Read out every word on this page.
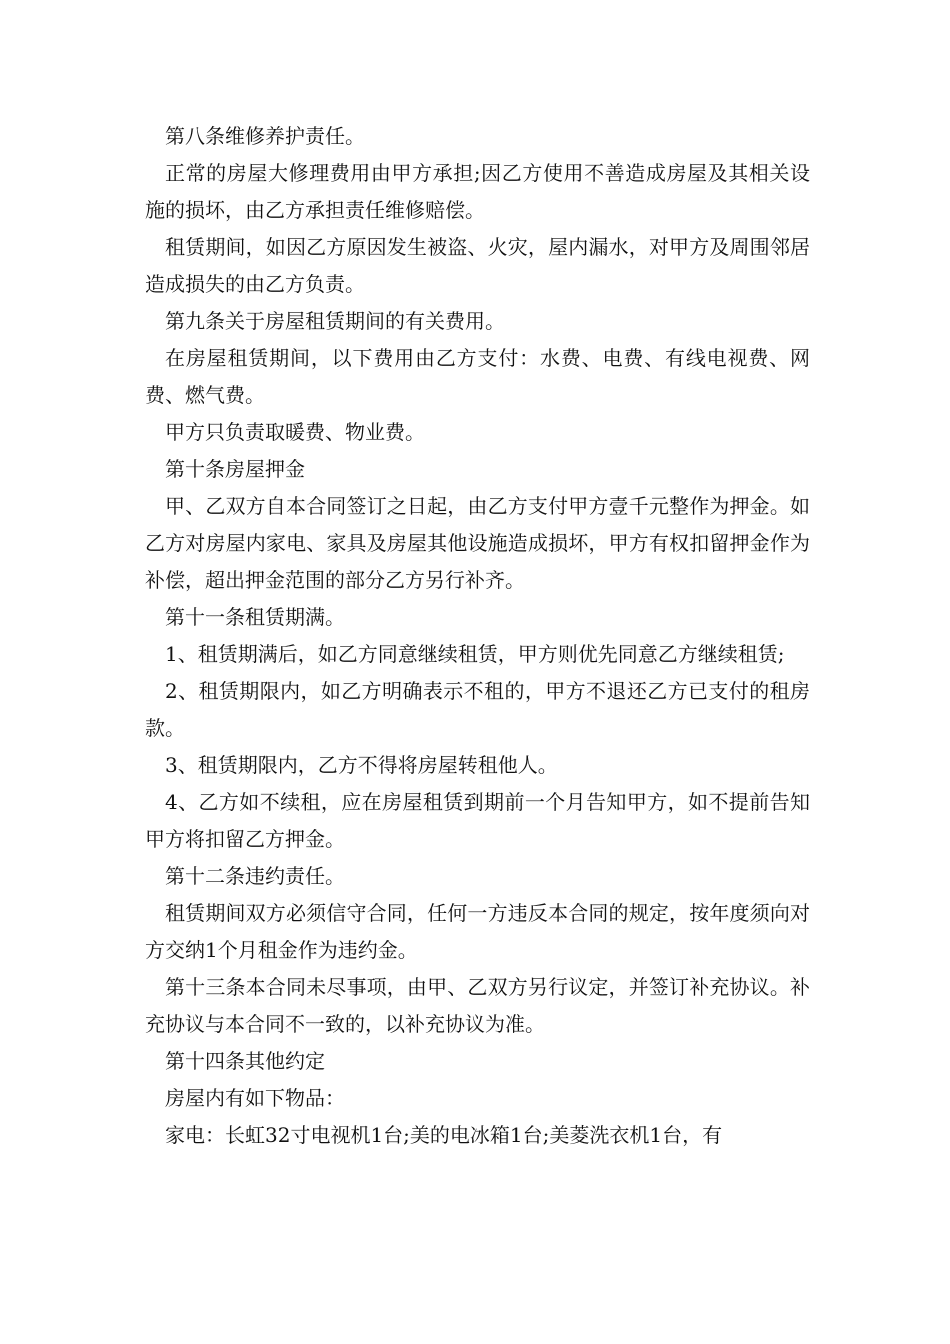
第八条维修养护责任。

正常的房屋大修理费用由甲方承担;因乙方使用不善造成房屋及其相关设施的损坏，由乙方承担责任维修赔偿。

租赁期间，如因乙方原因发生被盗、火灾，屋内漏水，对甲方及周围邻居造成损失的由乙方负责。

第九条关于房屋租赁期间的有关费用。

在房屋租赁期间，以下费用由乙方支付：水费、电费、有线电视费、网费、燃气费。

甲方只负责取暖费、物业费。

第十条房屋押金

甲、乙双方自本合同签订之日起，由乙方支付甲方壹千元整作为押金。如乙方对房屋内家电、家具及房屋其他设施造成损坏，甲方有权扣留押金作为补偿，超出押金范围的部分乙方另行补齐。

第十一条租赁期满。

1、租赁期满后，如乙方同意继续租赁，甲方则优先同意乙方继续租赁;

2、租赁期限内，如乙方明确表示不租的，甲方不退还乙方已支付的租房款。

3、租赁期限内，乙方不得将房屋转租他人。

4、乙方如不续租，应在房屋租赁到期前一个月告知甲方，如不提前告知甲方将扣留乙方押金。

第十二条违约责任。

租赁期间双方必须信守合同，任何一方违反本合同的规定，按年度须向对方交纳1个月租金作为违约金。

第十三条本合同未尽事项，由甲、乙双方另行议定，并签订补充协议。补充协议与本合同不一致的，以补充协议为准。

第十四条其他约定

房屋内有如下物品：

家电：长虹32寸电视机1台;美的电冰箱1台;美菱洗衣机1台，有
